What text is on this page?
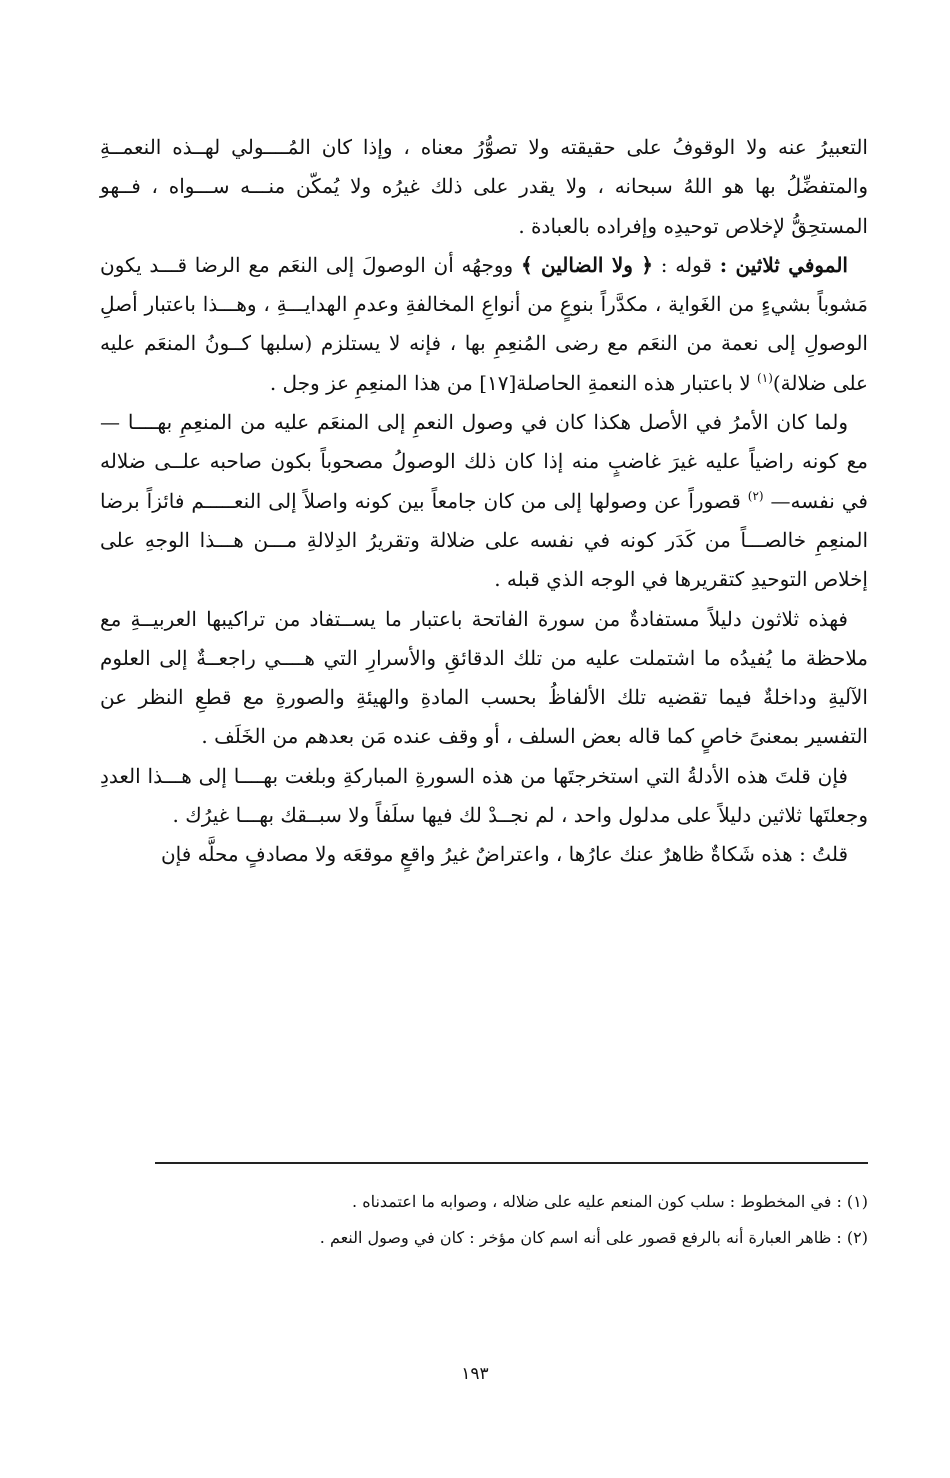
التعبيرُ عنه ولا الوقوفُ على حقيقته ولا تصوُّرُ معناه ، وإذا كان المُــــولي لهــذه النعمــةِ والمتفضِّلُ بها هو اللهُ سبحانه ، ولا يقدر على ذلك غيرُه ولا يُمكّن منـــه ســـواه ، فــهو المستحِقُّ لإخلاص توحيدِه وإفراده بالعبادة .

الموفي ثلاثين : قوله : ﴿ ولا الضالين ﴾ ووجهُه أن الوصولَ إلى النعَم مع الرضا قـــد يكون مَشوباً بشيءٍ من الغَواية ، مكدَّراً بنوعٍ من أنواعِ المخالفةِ وعدمِ الهدايـــةِ ، وهـــذا باعتبار أصلِ الوصولِ إلى نعمة من النعَم مع رضى المُنعِمِ بها ، فإنه لا يستلزم (سلبها كــونُ المنعَم عليه على ضلالة)$^{(١)}$ لا باعتبار هذه النعمةِ الحاصلة[١٧] من هذا المنعِمِ عز وجل .

ولما كان الأمرُ في الأصل هكذا كان في وصول النعمِ إلى المنعَم عليه من المنعِمِ بهــــا — مع كونه راضياً عليه غيرَ غاضبٍ منه إذا كان ذلك الوصولُ مصحوباً بكون صاحبه علــى ضلاله في نفسه— $^{(٢)}$ قصوراً عن وصولها إلى من كان جامعاً بين كونه واصلاً إلى النعـــــم فائزاً برضا المنعِمِ خالصـــاً من كَدَر كونه في نفسه على ضلالة وتقريرُ الدِلالةِ مـــن هـــذا الوجهِ على إخلاص التوحيدِ كتقريرها في الوجه الذي قبله .

فهذه ثلاثون دليلاً مستفادةٌ من سورة الفاتحة باعتبار ما يســتفاد من تراكيبها العربيــةِ مع ملاحظة ما يُفيدُه ما اشتملت عليه من تلك الدقائقِ والأسرارِ التي هــــي راجعــةٌ إلى العلوم الآليةِ وداخلةٌ فيما تقضيه تلك الألفاظُ بحسب المادةِ والهيئةِ والصورةِ مع قطعِ النظر عن التفسير بمعنىً خاصٍ كما قاله بعض السلف ، أو وقف عنده مَن بعدهم من الخَلَف .

فإن قلتَ هذه الأدلةُ التي استخرجتَها من هذه السورةِ المباركةِ وبلغت بهــــا إلى هـــذا العددِ وجعلتَها ثلاثين دليلاً على مدلول واحد ، لم نجــدْ لك فيها سلَفاً ولا سبــقك بهـــا غيرُك .

قلتُ : هذه شَكاةٌ ظاهرٌ عنك عارُها ، واعتراضٌ غيرُ واقعٍ موقعَه ولا مصادفٍ محلَّه فإن

(١) : في المخطوط : سلب كون المنعم عليه على ضلاله ، وصوابه ما اعتمدناه .

(٢) : ظاهر العبارة أنه بالرفع قصور على أنه اسم كان مؤخر : كان في وصول النعم .

١٩٣
